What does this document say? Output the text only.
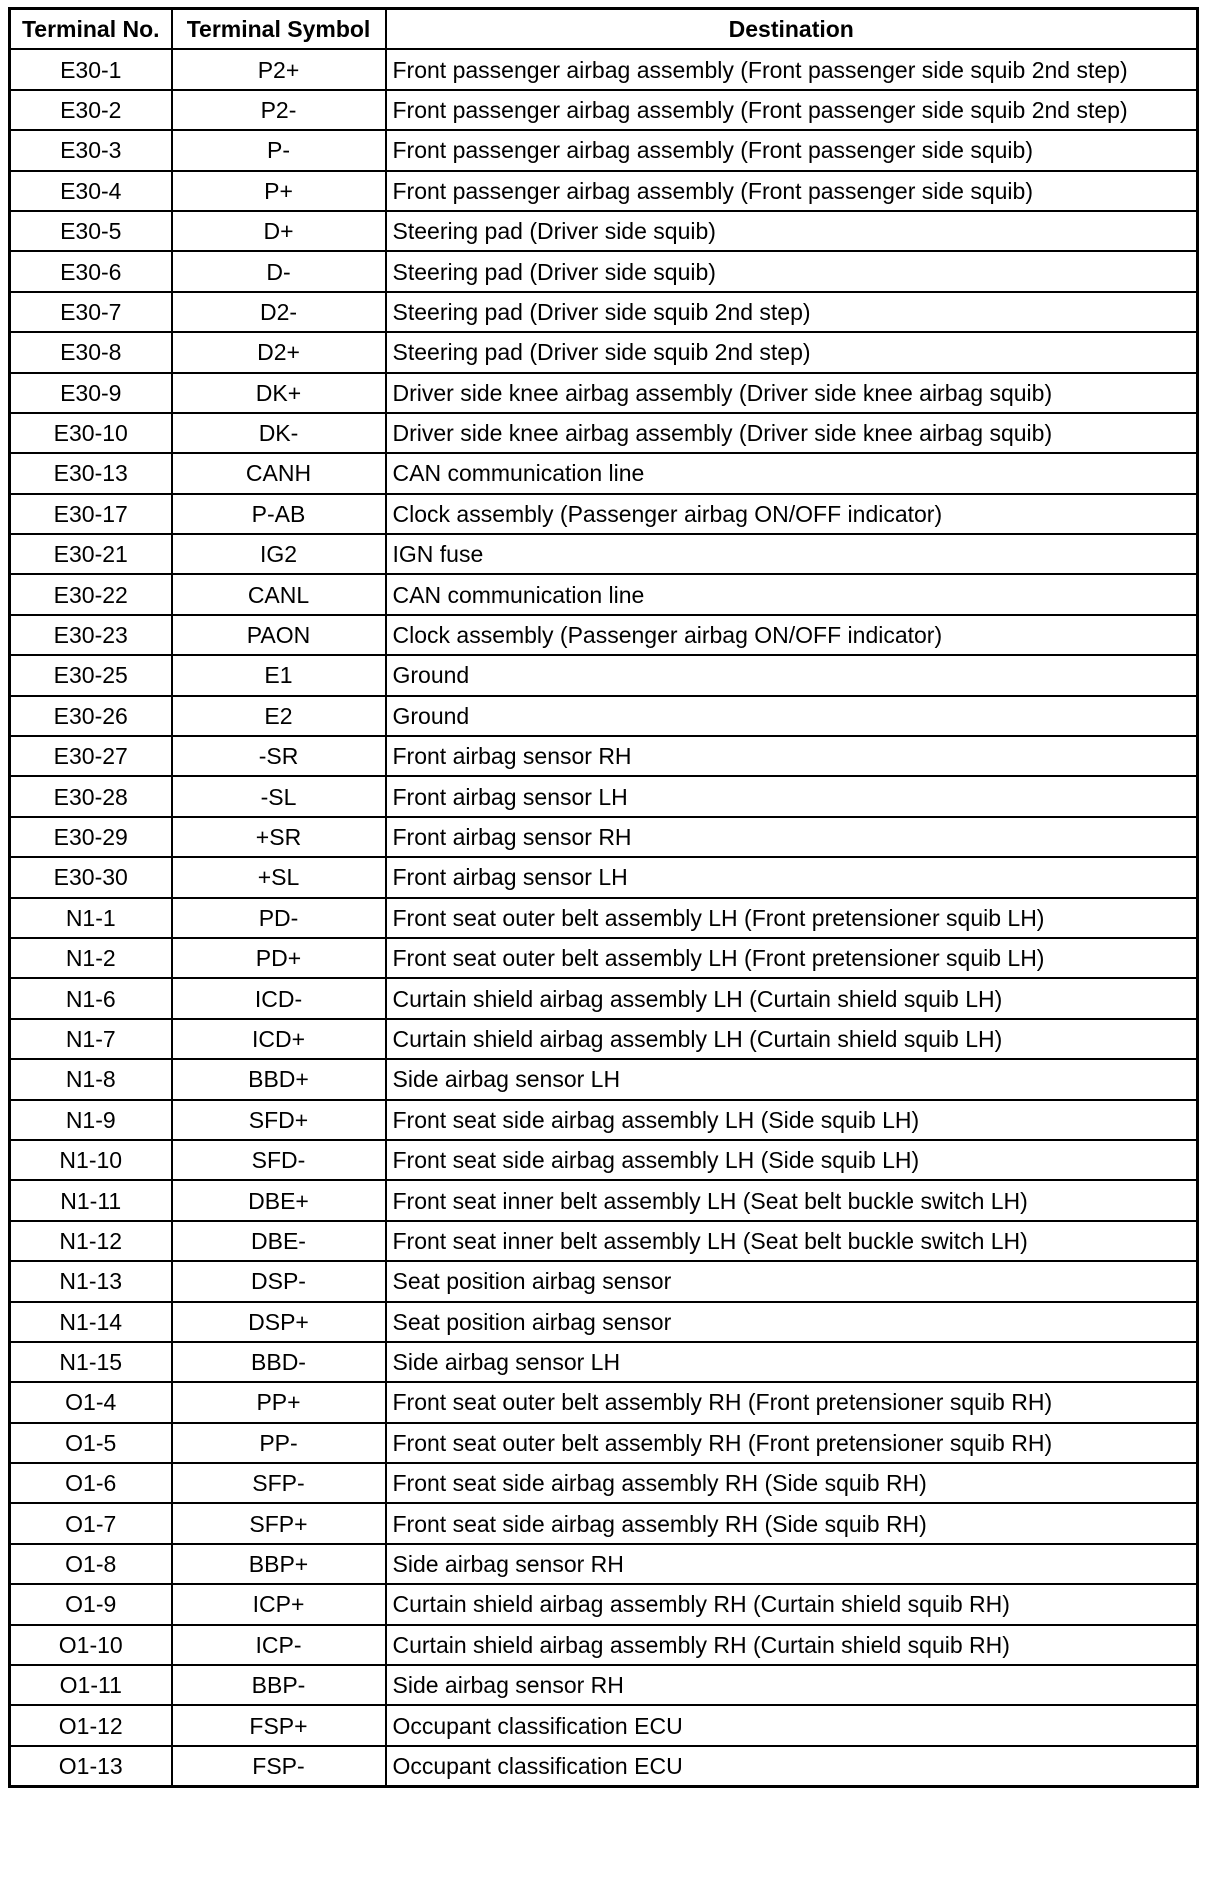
Terminal No.	Terminal Symbol	Destination
E30-1	P2+	Front passenger airbag assembly (Front passenger side squib 2nd step)
E30-2	P2-	Front passenger airbag assembly (Front passenger side squib 2nd step)
E30-3	P-	Front passenger airbag assembly (Front passenger side squib)
E30-4	P+	Front passenger airbag assembly (Front passenger side squib)
E30-5	D+	Steering pad (Driver side squib)
E30-6	D-	Steering pad (Driver side squib)
E30-7	D2-	Steering pad (Driver side squib 2nd step)
E30-8	D2+	Steering pad (Driver side squib 2nd step)
E30-9	DK+	Driver side knee airbag assembly (Driver side knee airbag squib)
E30-10	DK-	Driver side knee airbag assembly (Driver side knee airbag squib)
E30-13	CANH	CAN communication line
E30-17	P-AB	Clock assembly (Passenger airbag ON/OFF indicator)
E30-21	IG2	IGN fuse
E30-22	CANL	CAN communication line
E30-23	PAON	Clock assembly (Passenger airbag ON/OFF indicator)
E30-25	E1	Ground
E30-26	E2	Ground
E30-27	-SR	Front airbag sensor RH
E30-28	-SL	Front airbag sensor LH
E30-29	+SR	Front airbag sensor RH
E30-30	+SL	Front airbag sensor LH
N1-1	PD-	Front seat outer belt assembly LH (Front pretensioner squib LH)
N1-2	PD+	Front seat outer belt assembly LH (Front pretensioner squib LH)
N1-6	ICD-	Curtain shield airbag assembly LH (Curtain shield squib LH)
N1-7	ICD+	Curtain shield airbag assembly LH (Curtain shield squib LH)
N1-8	BBD+	Side airbag sensor LH
N1-9	SFD+	Front seat side airbag assembly LH (Side squib LH)
N1-10	SFD-	Front seat side airbag assembly LH (Side squib LH)
N1-11	DBE+	Front seat inner belt assembly LH (Seat belt buckle switch LH)
N1-12	DBE-	Front seat inner belt assembly LH (Seat belt buckle switch LH)
N1-13	DSP-	Seat position airbag sensor
N1-14	DSP+	Seat position airbag sensor
N1-15	BBD-	Side airbag sensor LH
O1-4	PP+	Front seat outer belt assembly RH (Front pretensioner squib RH)
O1-5	PP-	Front seat outer belt assembly RH (Front pretensioner squib RH)
O1-6	SFP-	Front seat side airbag assembly RH (Side squib RH)
O1-7	SFP+	Front seat side airbag assembly RH (Side squib RH)
O1-8	BBP+	Side airbag sensor RH
O1-9	ICP+	Curtain shield airbag assembly RH (Curtain shield squib RH)
O1-10	ICP-	Curtain shield airbag assembly RH (Curtain shield squib RH)
O1-11	BBP-	Side airbag sensor RH
O1-12	FSP+	Occupant classification ECU
O1-13	FSP-	Occupant classification ECU
